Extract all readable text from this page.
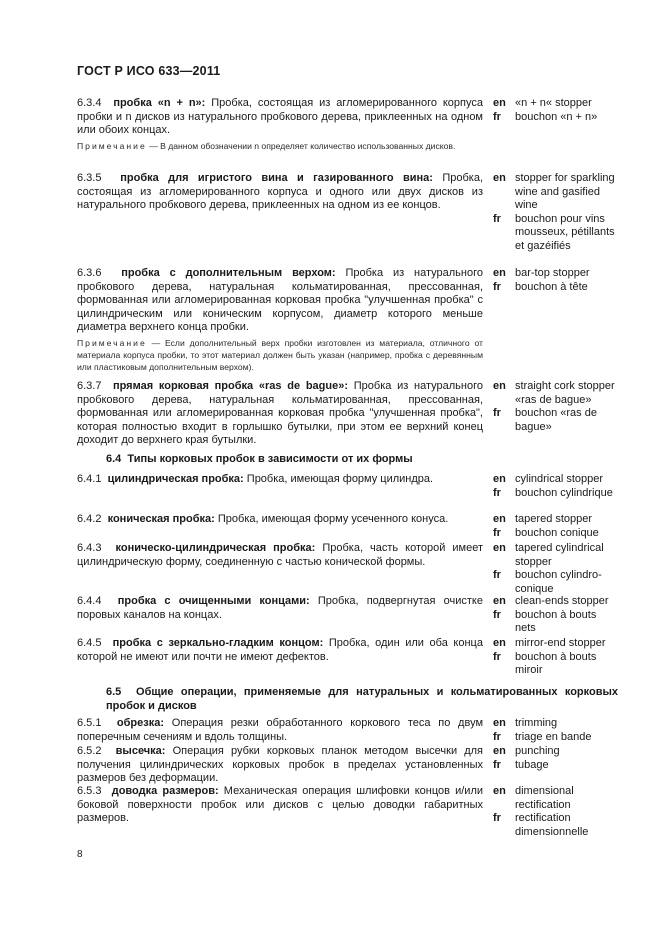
ГОСТ Р ИСО 633—2011
6.3.4 пробка «n + n»: Пробка, состоящая из агломерированного корпуса пробки и n дисков из натурального пробкового дерева, приклеенных на одном или обоих концах.
en «n + n« stopper
fr	bouchon «n + n»
Примечание — В данном обозначении n определяет количество использованных дисков.
6.3.5 пробка для игристого вина и газированного вина: Пробка, состоящая из агломерированного корпуса и одного или двух дисков из натурального пробкового дерева, приклеенных на одном из ее концов.
en stopper for sparkling wine and gasified wine
fr	bouchon pour vins mousseux, pétillants et gazéifiés
6.3.6 пробка с дополнительным верхом: Пробка из натурального пробкового дерева, натуральная кольматированная, прессованная, формованная или агломерированная корковая пробка "улучшенная пробка" с цилиндрическим или коническим корпусом, диаметр которого меньше диаметра верхнего конца пробки.
en bar-top stopper
fr	bouchon à tête
Примечание — Если дополнительный верх пробки изготовлен из материала, отличного от материала корпуса пробки, то этот материал должен быть указан (например, пробка с деревянным или пластиковым дополнительным верхом).
6.3.7 прямая корковая пробка «ras de bague»: Пробка из натурального пробкового дерева, натуральная кольматированная, прессованная, формованная или агломерированная корковая пробка "улучшенная пробка", которая полностью входит в горлышко бутылки, при этом ее верхний конец доходит до верхнего края бутылки.
en straight cork stopper «ras de bague»
fr	bouchon «ras de bague»
6.4 Типы корковых пробок в зависимости от их формы
6.4.1 цилиндрическая пробка: Пробка, имеющая форму цилиндра.	en cylindrical stopper
fr	bouchon cylindrique
6.4.2 коническая пробка: Пробка, имеющая форму усеченного конуса.	en tapered stopper
fr	bouchon conique
6.4.3 коническо-цилиндрическая пробка: Пробка, часть которой имеет цилиндрическую форму, соединенную с частью конической формы.
en tapered cylindrical stopper
fr	bouchon cylindro-conique
6.4.4 пробка с очищенными концами: Пробка, подвергнутая очистке поровых каналов на концах.
en clean-ends stopper
fr	bouchon à bouts nets
6.4.5 пробка с зеркально-гладким концом: Пробка, один или оба конца которой не имеют или почти не имеют дефектов.
en mirror-end stopper
fr	bouchon à bouts miroir
6.5 Общие операции, применяемые для натуральных и кольматированных корковых пробок и дисков
6.5.1 обрезка: Операция резки обработанного коркового теса по двум поперечным сечениям и вдоль толщины.
en trimming
fr	triage en bande
6.5.2 высечка: Операция рубки корковых планок методом высечки для получения цилиндрических корковых пробок в пределах установленных размеров без деформации.
en punching
fr	tubage
6.5.3 доводка размеров: Механическая операция шлифовки концов и/или боковой поверхности пробок или дисков с целью доводки габаритных размеров.
en dimensional rectification
fr	rectification dimensionnelle
8
